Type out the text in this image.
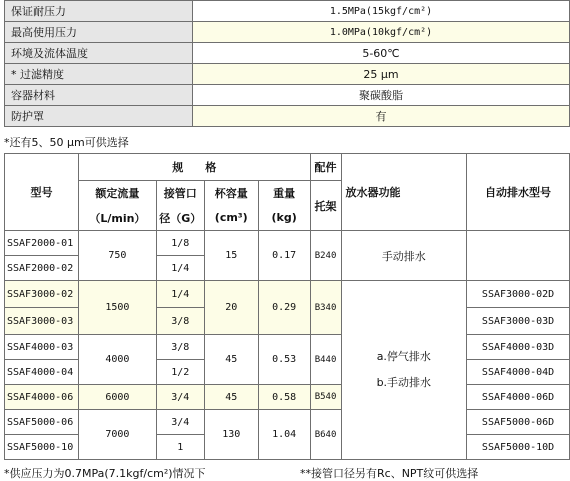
保证耐压力	1.5MPa(15kgf/cm²)
最高使用压力	1.0MPa(10kgf/cm²)
环境及流体温度	5-60℃
* 过滤精度	25 μm
容器材料	聚碳酸脂
防护罩	有
*还有5、50 μm可供选择
型号	规　　格				配件	放水器功能	自动排水型号
	额定流量	接管口	杯容量	重量	托架		
	（L/min）	径（G）	(cm³)	(kg)			
SSAF2000-01	750	1/8	15	0.17	B240	手动排水	
SSAF2000-02		1/4					
SSAF3000-02	1500	1/4	20	0.29	B340	a.停气排水
b.手动排水	SSAF3000-02D
SSAF3000-03		3/8					SSAF3000-03D
SSAF4000-03	4000	3/8	45	0.53	B440		SSAF4000-03D
SSAF4000-04		1/2					SSAF4000-04D
SSAF4000-06	6000	3/4	45	0.58	B540		SSAF4000-06D
SSAF5000-06	7000	3/4	130	1.04	B640		SSAF5000-06D
SSAF5000-10		1					SSAF5000-10D
*供应压力为0.7MPa(7.1kgf/cm²)情况下	**接管口径另有Rc、NPT纹可供选择
